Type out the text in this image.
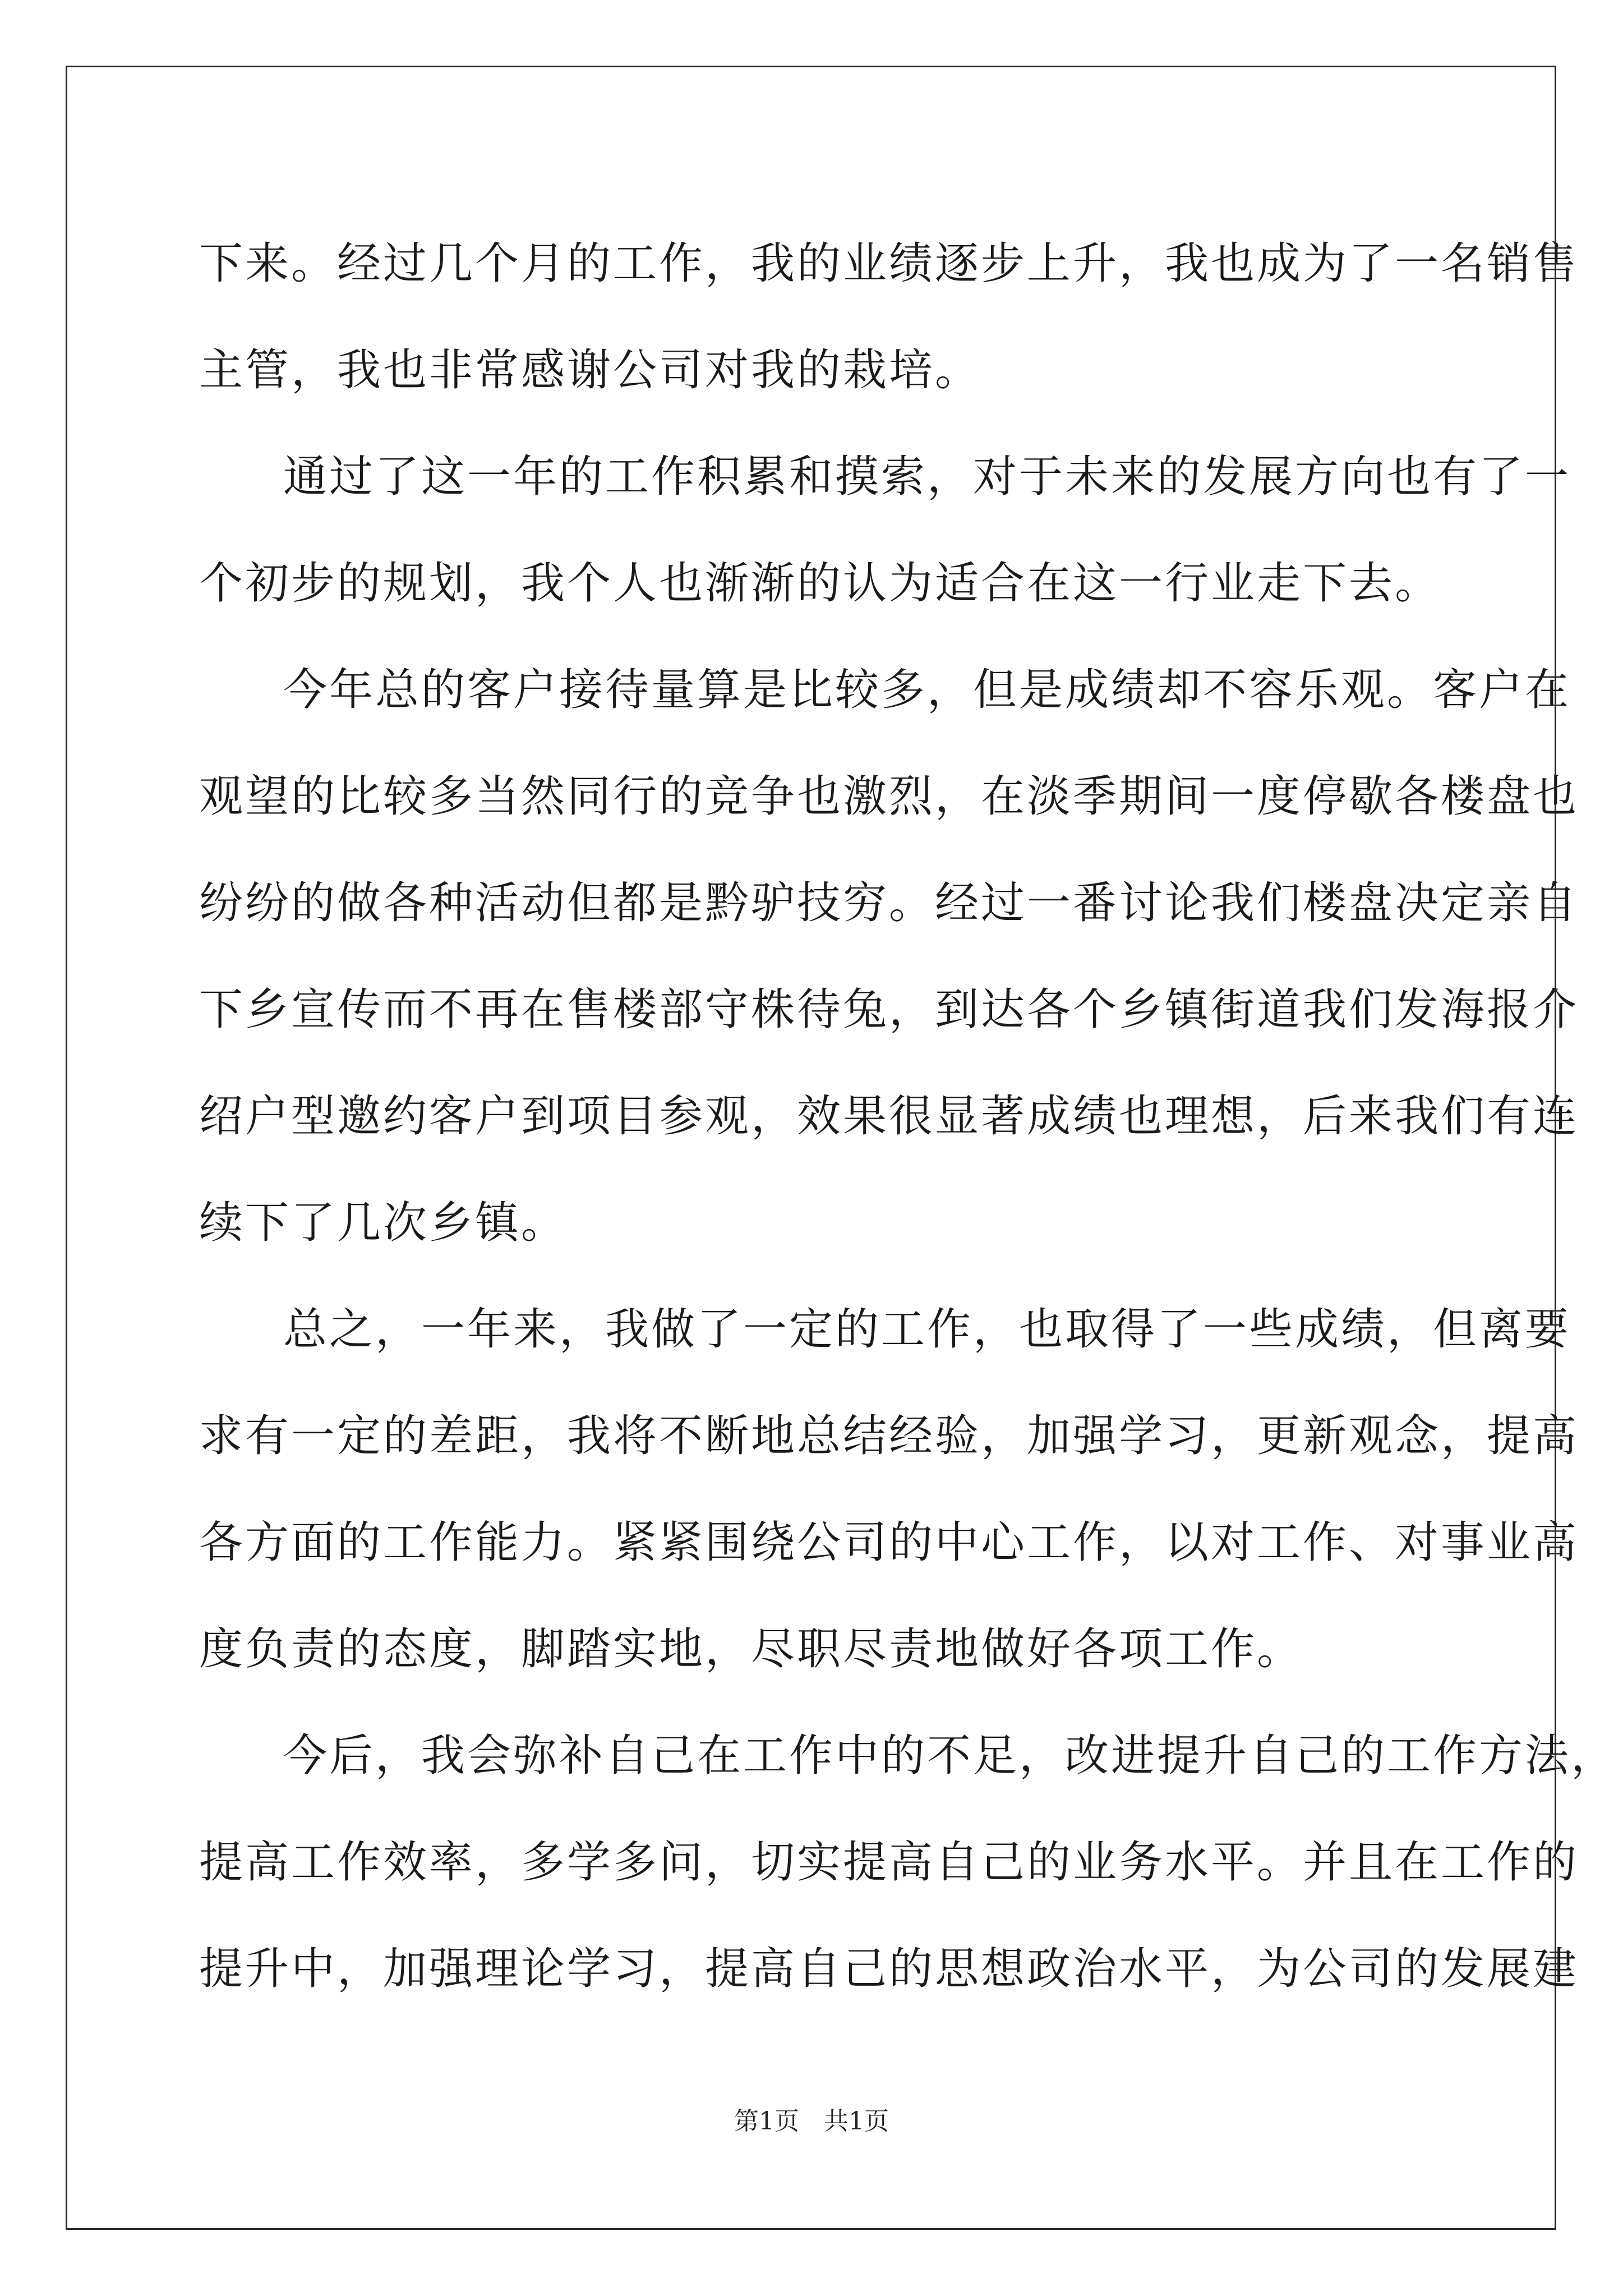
下来。经过几个月的工作，我的业绩逐步上升，我也成为了一名销售
主管，我也非常感谢公司对我的栽培。
通过了这一年的工作积累和摸索，对于未来的发展方向也有了一
个初步的规划，我个人也渐渐的认为适合在这一行业走下去。
今年总的客户接待量算是比较多，但是成绩却不容乐观。客户在
观望的比较多当然同行的竞争也激烈，在淡季期间一度停歇各楼盘也
纷纷的做各种活动但都是黔驴技穷。经过一番讨论我们楼盘决定亲自
下乡宣传而不再在售楼部守株待兔，到达各个乡镇街道我们发海报介
绍户型邀约客户到项目参观，效果很显著成绩也理想，后来我们有连
续下了几次乡镇。
总之，一年来，我做了一定的工作，也取得了一些成绩，但离要
求有一定的差距，我将不断地总结经验，加强学习，更新观念，提高
各方面的工作能力。紧紧围绕公司的中心工作，以对工作、对事业高
度负责的态度，脚踏实地，尽职尽责地做好各项工作。
今后，我会弥补自己在工作中的不足，改进提升自己的工作方法，
提高工作效率，多学多问，切实提高自己的业务水平。并且在工作的
提升中，加强理论学习，提高自己的思想政治水平，为公司的发展建
第1页　共1页
